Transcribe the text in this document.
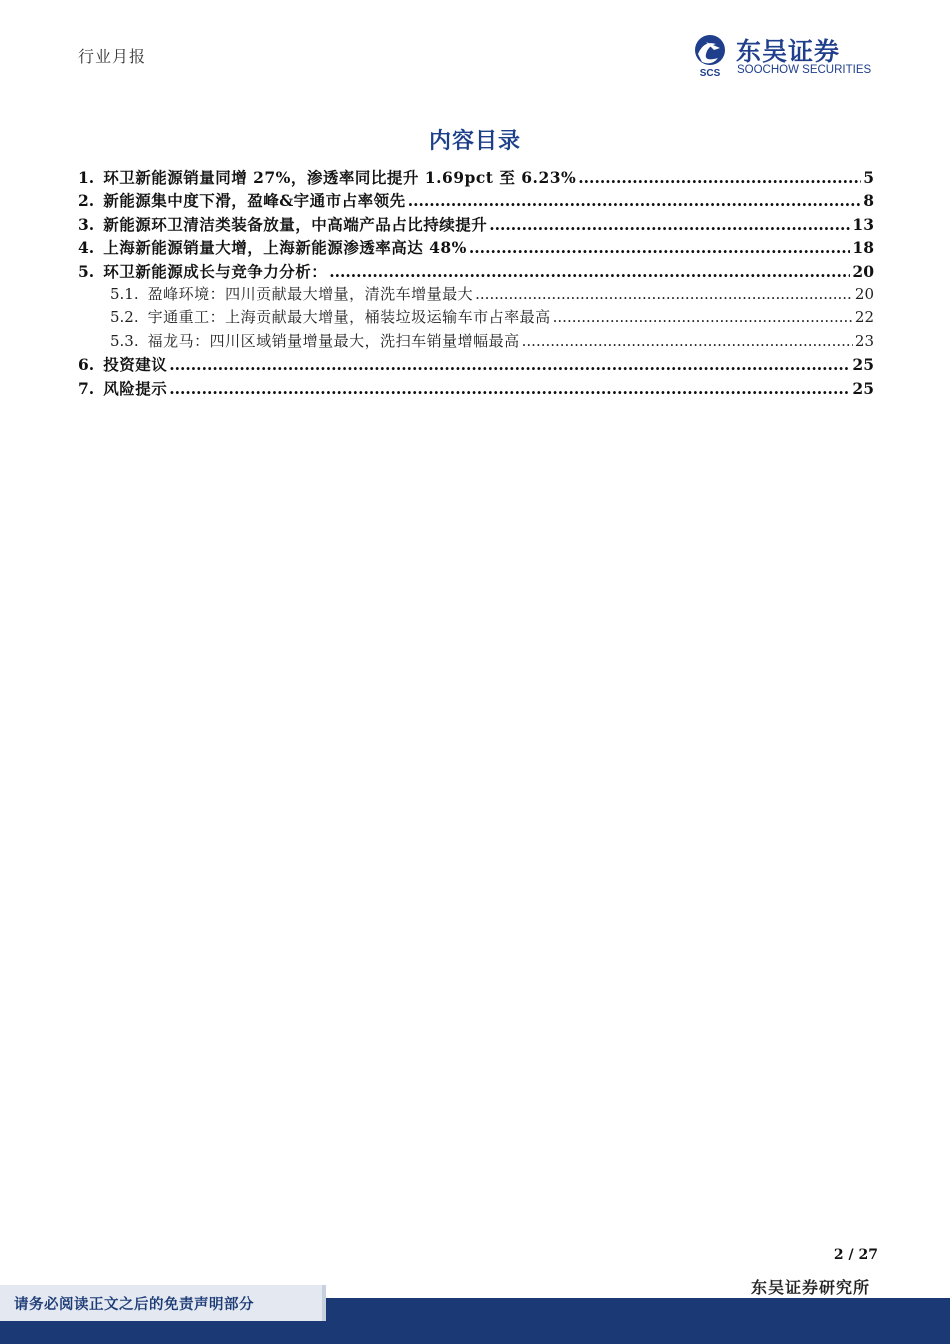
行业月报
SCS
东吴证券
SOOCHOW SECURITIES
内容目录
1. 环卫新能源销量同增 27%，渗透率同比提升 1.69pct 至 6.23% .....	5
2. 新能源集中度下滑，盈峰&宇通市占率领先 .....	8
3. 新能源环卫清洁类装备放量，中高端产品占比持续提升 .....	13
4. 上海新能源销量大增，上海新能源渗透率高达 48% .....	18
5. 环卫新能源成长与竞争力分析： .....	20
5.1. 盈峰环境：四川贡献最大增量，清洗车增量最大 .....	20
5.2. 宇通重工：上海贡献最大增量，桶装垃圾运输车市占率最高 .....	22
5.3. 福龙马：四川区域销量增量最大，洗扫车销量增幅最高 .....	23
6. 投资建议 .....	25
7. 风险提示 .....	25
2 / 27
东吴证券研究所
请务必阅读正文之后的免责声明部分
